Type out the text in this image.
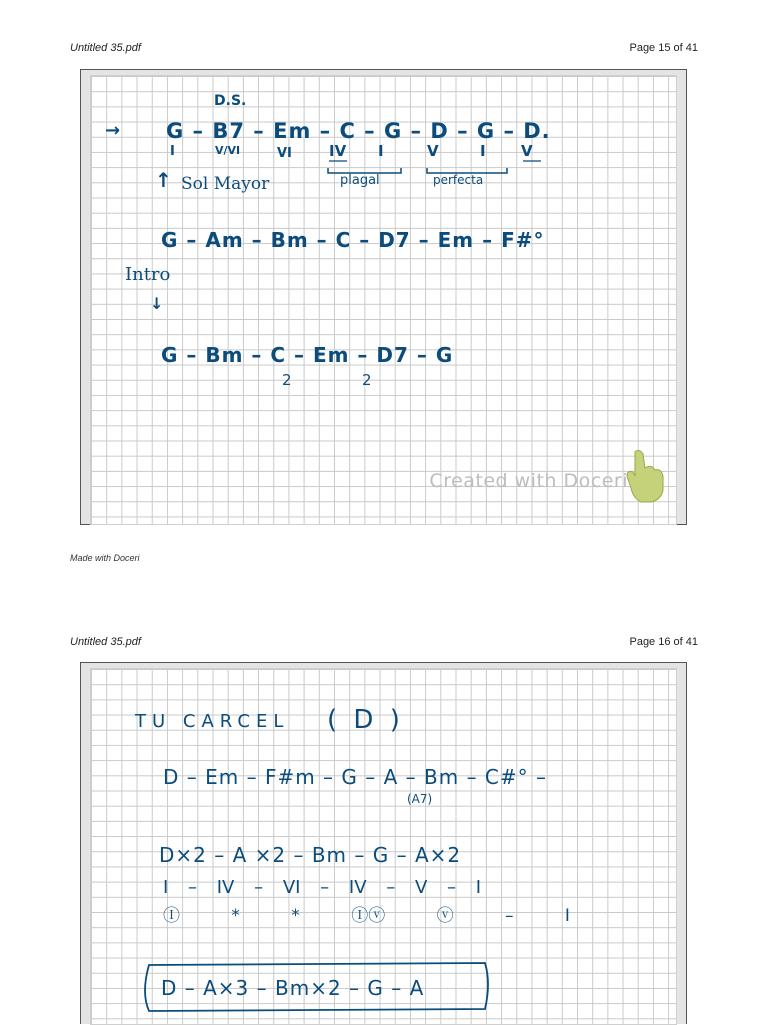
Untitled 35.pdf	Page 15 of 41
D.S.
→ G – B7 – Em – C – G – D – G – D.
I	V/VI	VI IV I	V	I V
↑ Sol Mayor	plagal	perfecta
G – Am – Bm – C – D7 – Em – F#°
Intro
↓
G – Bm – C – Em – D7 – G
2	2
Created with Doceri
Made with Doceri
Untitled 35.pdf	Page 16 of 41
TU CARCEL ( D )
D – Em – F#m – G – A – Bm – C#° –
(A7)
D×2 – A ×2 – Bm – G – A×2
I – IV – VI – IV – V – I
Ⓘ * * Ⓘⓥ ⓥ – I
D – A×3 – Bm×2 – G – A
